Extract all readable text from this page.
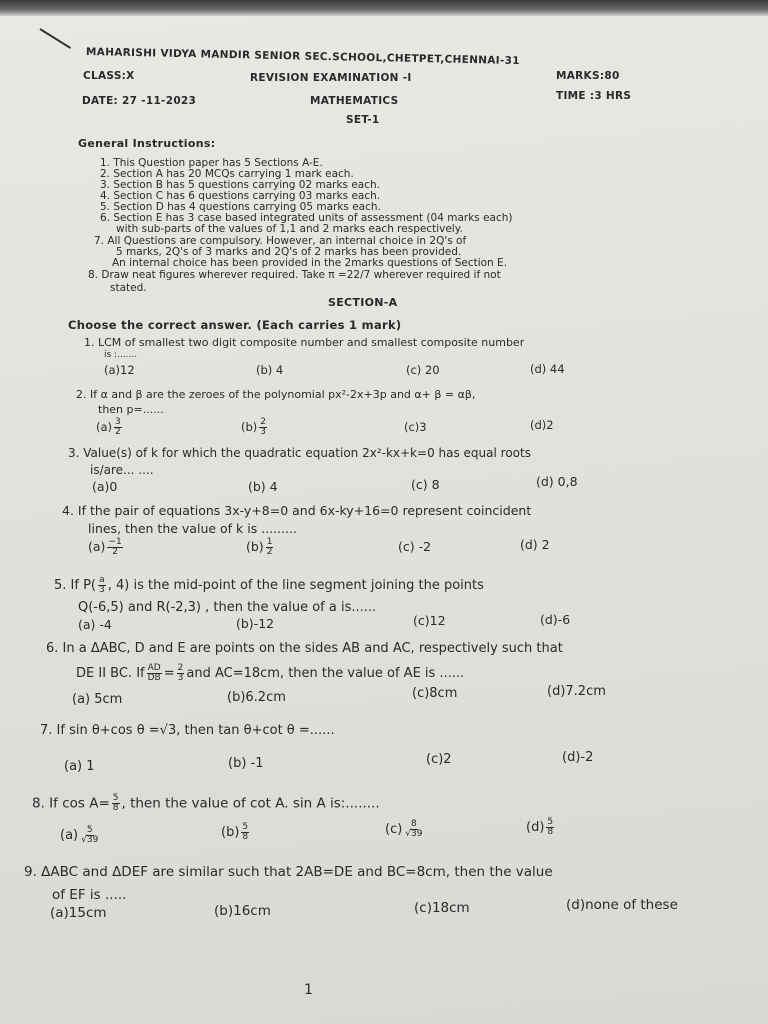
MAHARISHI VIDYA MANDIR SENIOR SEC.SCHOOL,CHETPET,CHENNAI-31
CLASS:X	REVISION EXAMINATION -I	MARKS:80
DATE: 27 -11-2023	MATHEMATICS	TIME :3 HRS
SET-1
General Instructions:
1. This Question paper has 5 Sections A-E.
2. Section A has 20 MCQs carrying 1 mark each.
3. Section B has 5 questions carrying 02 marks each.
4. Section C has 6 questions carrying 03 marks each.
5. Section D has 4 questions carrying 05 marks each.
6. Section E has 3 case based integrated units of assessment (04 marks each)
with sub-parts of the values of 1,1 and 2 marks each respectively.
7. All Questions are compulsory. However, an internal choice in 2Q's of
5 marks, 2Q's of 3 marks and 2Q's of 2 marks has been provided.
An internal choice has been provided in the 2marks questions of Section E.
8. Draw neat figures wherever required. Take π =22/7 wherever required if not
stated.
SECTION-A
Choose the correct answer. (Each carries 1 mark)
1. LCM of smallest two digit composite number and smallest composite number
is :.......
(a)12	(b) 4	(c) 20	(d) 44
2. If α and β are the zeroes of the polynomial px²-2x+3p and α+ β = αβ,
then p=......
$(a) \frac{3}{2}$	$(b) \frac{2}{3}$	(c)3	(d)2
3. Value(s) of k for which the quadratic equation 2x²-kx+k=0 has equal roots
is/are... ....
(a)0	(b) 4	(c) 8	(d) 0,8
4. If the pair of equations 3x-y+8=0 and 6x-ky+16=0 represent coincident
lines, then the value of k is .........
$(a) \frac{-1}{2}$	$(b) \frac{1}{2}$	(c) -2	(d) 2
5. If $P( \frac{a}{3}$ , 4) is the mid-point of the line segment joining the points
Q(-6,5) and R(-2,3) , then the value of a is......
(a) -4	(b)-12	(c)12	(d)-6
6. In a ΔABC, D and E are points on the sides AB and AC, respectively such that
DE II BC. If $\frac{AD}{DB} = \frac{2}{3}$ and AC=18cm, then the value of AE is ......
(a) 5cm	(b)6.2cm	(c)8cm	(d)7.2cm
7. If sin θ+cos θ =√3, then tan θ+cot θ =......
(a) 1	(b) -1	(c)2	(d)-2
8. If $\cos A= \frac{5}{8}$ , then the value of cot A. sin A is:........
$(a) \frac{5}{√39}$	$(b) \frac{5}{8}$	$(c) \frac{8}{√39}$	$(d) \frac{5}{8}$
9. ΔABC and ΔDEF are similar such that 2AB=DE and BC=8cm, then the value
of EF is .....
(a)15cm	(b)16cm	(c)18cm	(d)none of these
1
